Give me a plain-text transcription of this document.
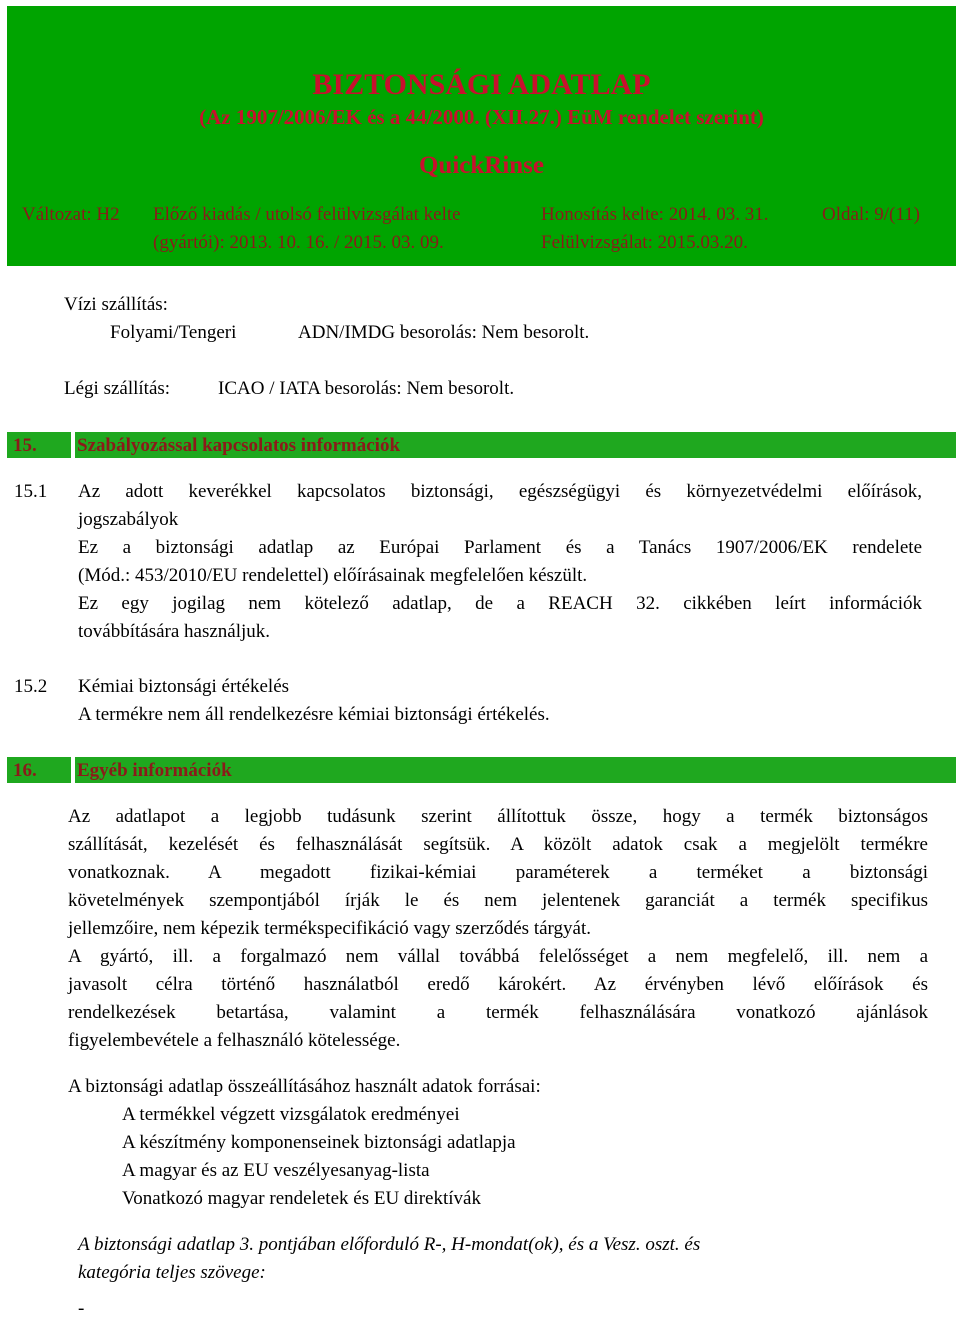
BIZTONSÁGI ADATLAP
(Az 1907/2006/EK és a 44/2000. (XII.27.) EüM rendelet szerint)
QuickRinse
Változat: H2 Előző kiadás / utolsó felülvizsgálat kelte
(gyártói): 2013. 10. 16. / 2015. 03. 09.
Honosítás kelte: 2014. 03. 31.
Felülvizsgálat: 2015.03.20.
Oldal: 9/(11)
Vízi szállítás:
Folyami/Tengeri	ADN/IMDG besorolás: Nem besorolt.
Légi szállítás:	ICAO / IATA besorolás: Nem besorolt.
15. Szabályozással kapcsolatos információk
15.1 Az adott keverékkel kapcsolatos biztonsági, egészségügyi és környezetvédelmi előírások,
jogszabályok
Ez a biztonsági adatlap az Európai Parlament és a Tanács 1907/2006/EK rendelete
(Mód.: 453/2010/EU rendelettel) előírásainak megfelelően készült.
Ez egy jogilag nem kötelező adatlap, de a REACH 32. cikkében leírt információk
továbbítására használjuk.
15.2 Kémiai biztonsági értékelés
A termékre nem áll rendelkezésre kémiai biztonsági értékelés.
16. Egyéb információk
Az adatlapot a legjobb tudásunk szerint állítottuk össze, hogy a termék biztonságos
szállítását, kezelését és felhasználását segítsük. A közölt adatok csak a megjelölt termékre
vonatkoznak. A megadott fizikai-kémiai paraméterek a terméket a biztonsági
követelmények szempontjából írják le és nem jelentenek garanciát a termék specifikus
jellemzőire, nem képezik termékspecifikáció vagy szerződés tárgyát.
A gyártó, ill. a forgalmazó nem vállal továbbá felelősséget a nem megfelelő, ill. nem a
javasolt célra történő használatból eredő károkért. Az érvényben lévő előírások és
rendelkezések betartása, valamint a termék felhasználására vonatkozó ajánlások
figyelembevétele a felhasználó kötelessége.
A biztonsági adatlap összeállításához használt adatok forrásai:
A termékkel végzett vizsgálatok eredményei
A készítmény komponenseinek biztonsági adatlapja
A magyar és az EU veszélyesanyag-lista
Vonatkozó magyar rendeletek és EU direktívák
A biztonsági adatlap 3. pontjában előforduló R-, H-mondat(ok), és a Vesz. oszt. és
kategória teljes szövege:
-
